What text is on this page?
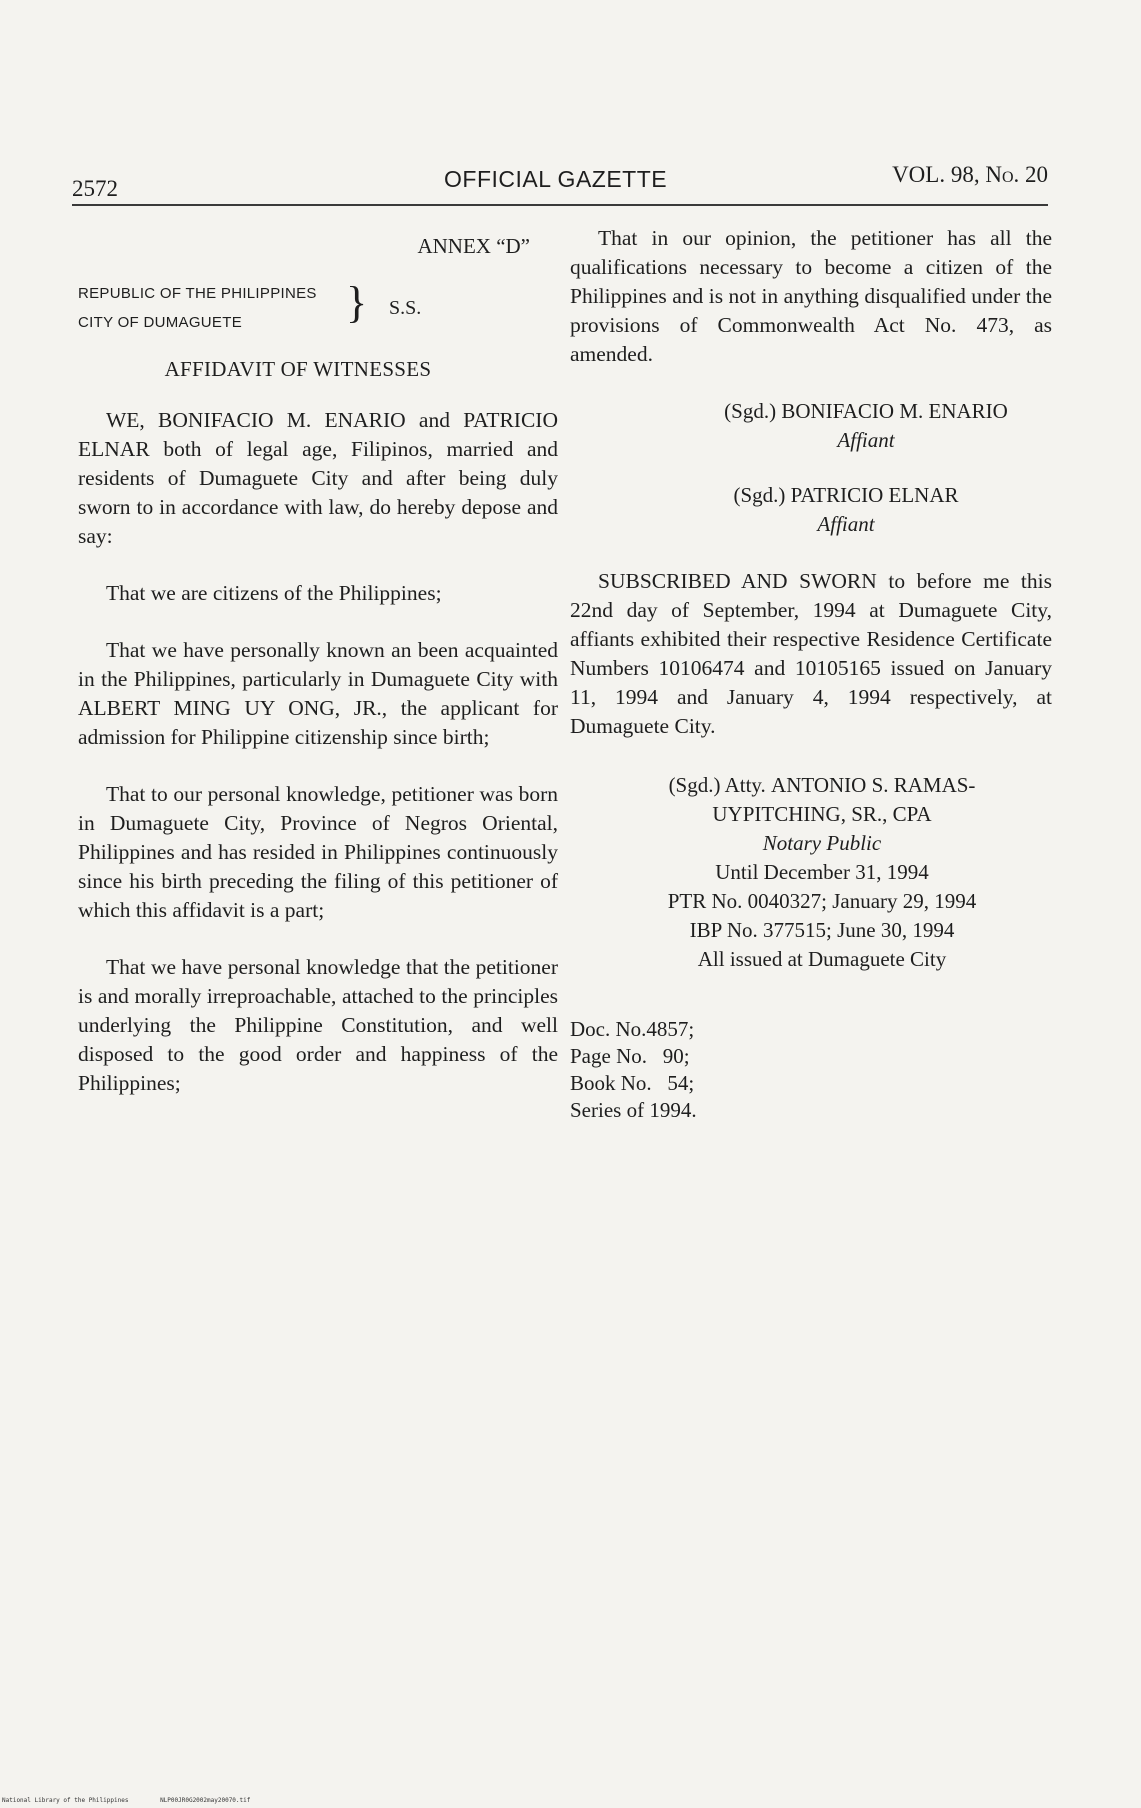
2572	OFFICIAL GAZETTE	VOL. 98, No. 20
ANNEX “D”
REPUBLIC OF THE PHILIPPINES
CITY OF DUMAGUETE } S.S.
AFFIDAVIT OF WITNESSES

WE, BONIFACIO M. ENARIO and PATRICIO ELNAR both of legal age, Filipinos, married and residents of Dumaguete City and after being duly sworn to in accordance with law, do hereby depose and say:

That we are citizens of the Philippines;

That we have personally known an been acquainted in the Philippines, particularly in Dumaguete City with ALBERT MING UY ONG, JR., the applicant for admission for Philippine citizenship since birth;

That to our personal knowledge, petitioner was born in Dumaguete City, Province of Negros Oriental, Philippines and has resided in Philippines continuously since his birth preceding the filing of this petitioner of which this affidavit is a part;

That we have personal knowledge that the petitioner is and morally irreproachable, attached to the principles underlying the Philippine Constitution, and well disposed to the good order and happiness of the Philippines;

That in our opinion, the petitioner has all the qualifications necessary to become a citizen of the Philippines and is not in anything disqualified under the provisions of Commonwealth Act No. 473, as amended.

(Sgd.) BONIFACIO M. ENARIO
Affiant
(Sgd.) PATRICIO ELNAR
Affiant

SUBSCRIBED AND SWORN to before me this 22nd day of September, 1994 at Dumaguete City, affiants exhibited their respective Residence Certificate Numbers 10106474 and 10105165 issued on January 11, 1994 and January 4, 1994 respectively, at Dumaguete City.

(Sgd.) Atty. ANTONIO S. RAMAS-
UYPITCHING, SR., CPA
Notary Public
Until December 31, 1994
PTR No. 0040327; January 29, 1994
IBP No. 377515; June 30, 1994
All issued at Dumaguete City
Doc. No.4857;
Page No.   90;
Book No.   54;
Series of 1994.
National Library of the Philippines	NLP00JR0G2002may20070.tif
